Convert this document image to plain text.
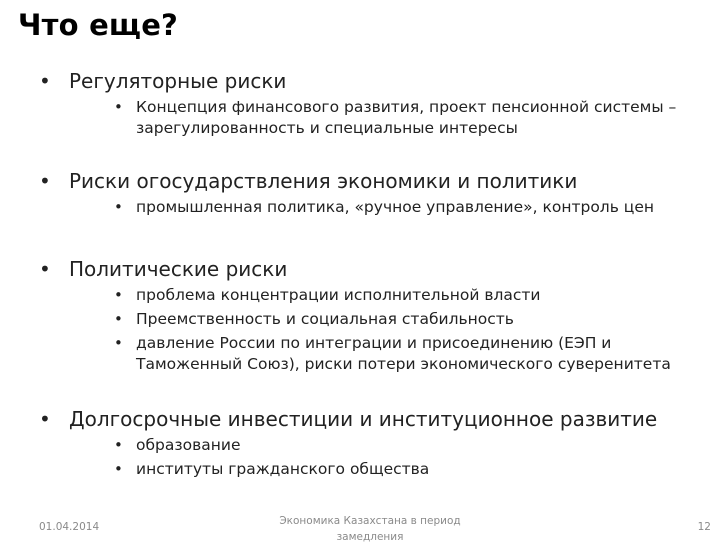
Что еще?
• Регуляторные риски
• Концепция финансового развития, проект пенсионной системы – зарегулированность и специальные интересы
• Риски огосударствления экономики и политики
• промышленная политика, «ручное управление», контроль цен
• Политические риски
• проблема концентрации исполнительной власти
• Преемственность и социальная стабильность
• давление России по интеграции и присоединению (ЕЭП и Таможенный Союз), риски потери экономического суверенитета
• Долгосрочные инвестиции и институционное развитие
• образование
• институты гражданского общества
01.04.2014	Экономика Казахстана в период
замедления
12
